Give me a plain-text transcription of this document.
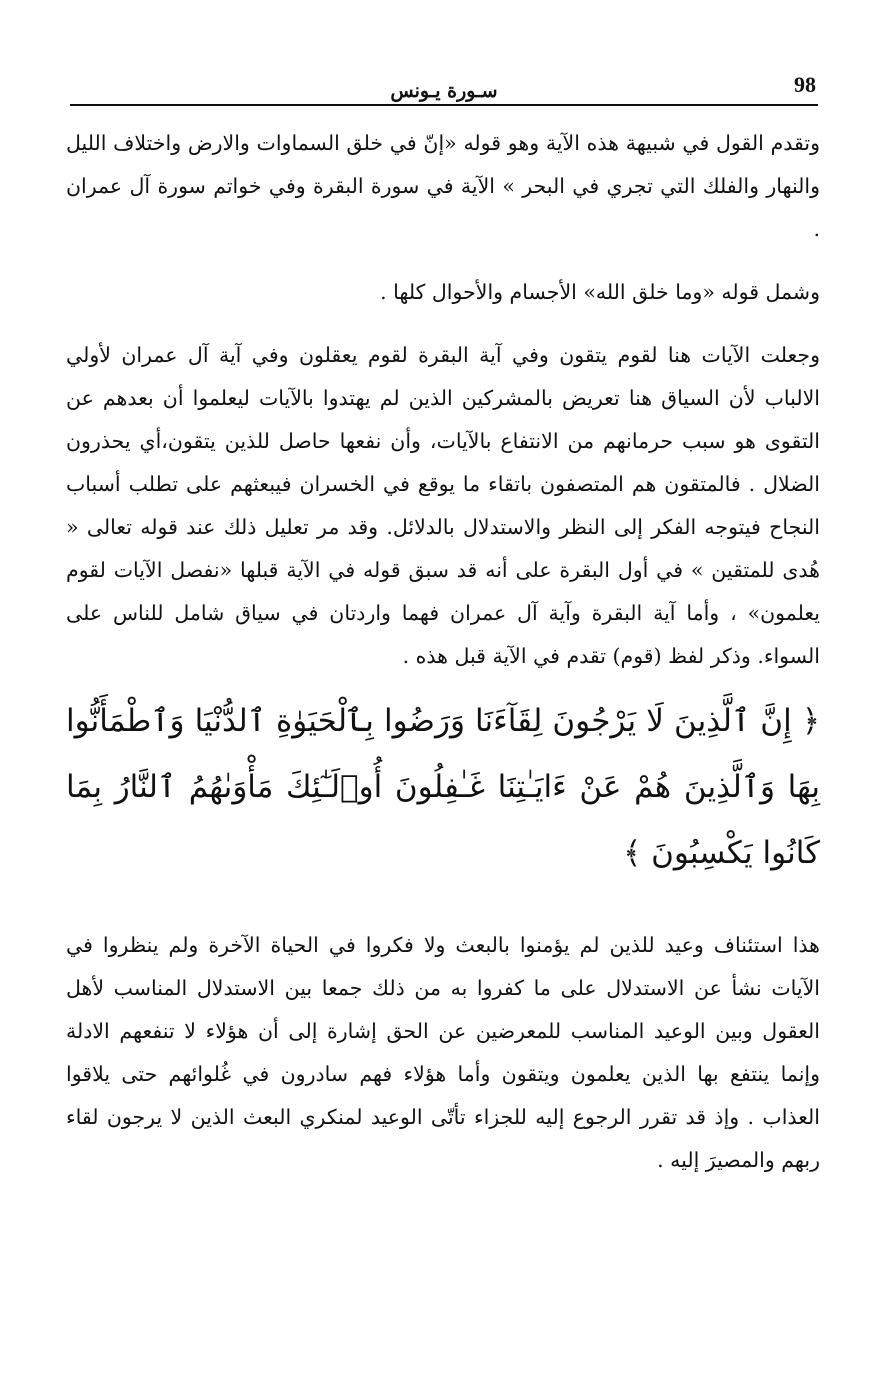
98
سـورة يـونس

وتقدم القول في شبيهة هذه الآية وهو قوله «إنّ في خلق السماوات والارض واختلاف الليل والنهار والفلك التي تجري في البحر » الآية في سورة البقرة وفي خواتم سورة آل عمران .

وشمل قوله «وما خلق الله» الأجسام والأحوال كلها .

وجعلت الآيات هنا لقوم يتقون وفي آية البقرة لقوم يعقلون وفي آية آل عمران لأولي الالباب لأن السياق هنا تعريض بالمشركين الذين لم يهتدوا بالآيات ليعلموا أن بعدهم عن التقوى هو سبب حرمانهم من الانتفاع بالآيات، وأن نفعها حاصل للذين يتقون،أي يحذرون الضلال . فالمتقون هم المتصفون باتقاء ما يوقع في الخسران فيبعثهم على تطلب أسباب النجاح فيتوجه الفكر إلى النظر والاستدلال بالدلائل. وقد مر تعليل ذلك عند قوله تعالى « هُدى للمتقين » في أول البقرة على أنه قد سبق قوله في الآية قبلها «نفصل الآيات لقوم يعلمون» ، وأما آية البقرة وآية آل عمران فهما واردتان في سياق شامل للناس على السواء. وذكر لفظ (قوم) تقدم في الآية قبل هذه .

﴿ إِنَّ ٱلَّذِينَ لَا يَرْجُونَ لِقَآءَنَا وَرَضُوا بِٱلْحَيَوٰةِ ٱلدُّنْيَا وَٱطْمَأَنُّوا بِهَا وَٱلَّذِينَ هُمْ عَنْ ءَايَـٰتِنَا غَـٰفِلُونَ أُو۟لَـٰٓئِكَ مَأْوَىٰهُمُ ٱلنَّارُ بِمَا كَانُوا يَكْسِبُونَ ﴾

هذا استئناف وعيد للذين لم يؤمنوا بالبعث ولا فكروا في الحياة الآخرة ولم ينظروا في الآيات نشأ عن الاستدلال على ما كفروا به من ذلك جمعا بين الاستدلال المناسب لأهل العقول وبين الوعيد المناسب للمعرضين عن الحق إشارة إلى أن هؤلاء لا تنفعهم الادلة وإنما ينتفع بها الذين يعلمون ويتقون وأما هؤلاء فهم سادرون في غُلوائهم حتى يلاقوا العذاب . وإذ قد تقرر الرجوع إليه للجزاء تأتّى الوعيد لمنكري البعث الذين لا يرجون لقاء ربهم والمصيرَ إليه .
